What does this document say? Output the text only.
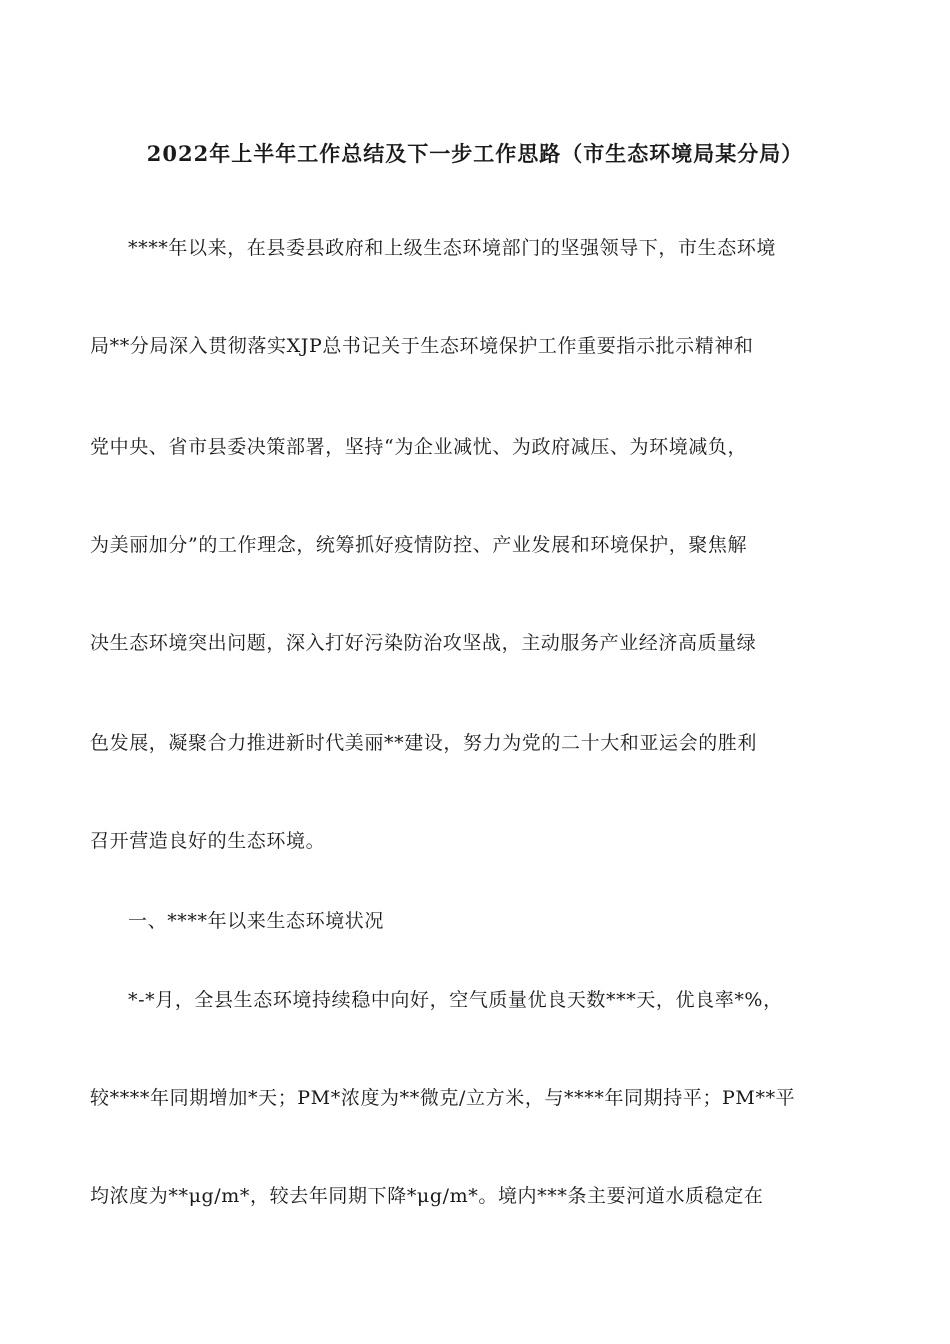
2022年上半年工作总结及下一步工作思路（市生态环境局某分局）
****年以来，在县委县政府和上级生态环境部门的坚强领导下，市生态环境
局**分局深入贯彻落实XJP总书记关于生态环境保护工作重要指示批示精神和
党中央、省市县委决策部署，坚持“为企业减忧、为政府减压、为环境减负，
为美丽加分”的工作理念，统筹抓好疫情防控、产业发展和环境保护，聚焦解
决生态环境突出问题，深入打好污染防治攻坚战，主动服务产业经济高质量绿
色发展，凝聚合力推进新时代美丽**建设，努力为党的二十大和亚运会的胜利
召开营造良好的生态环境。
一、****年以来生态环境状况
*-*月，全县生态环境持续稳中向好，空气质量优良天数***天，优良率*%，
较****年同期增加*天；PM*浓度为**微克/立方米，与****年同期持平；PM**平
均浓度为**μg/m*，较去年同期下降*μg/m*。境内***条主要河道水质稳定在
